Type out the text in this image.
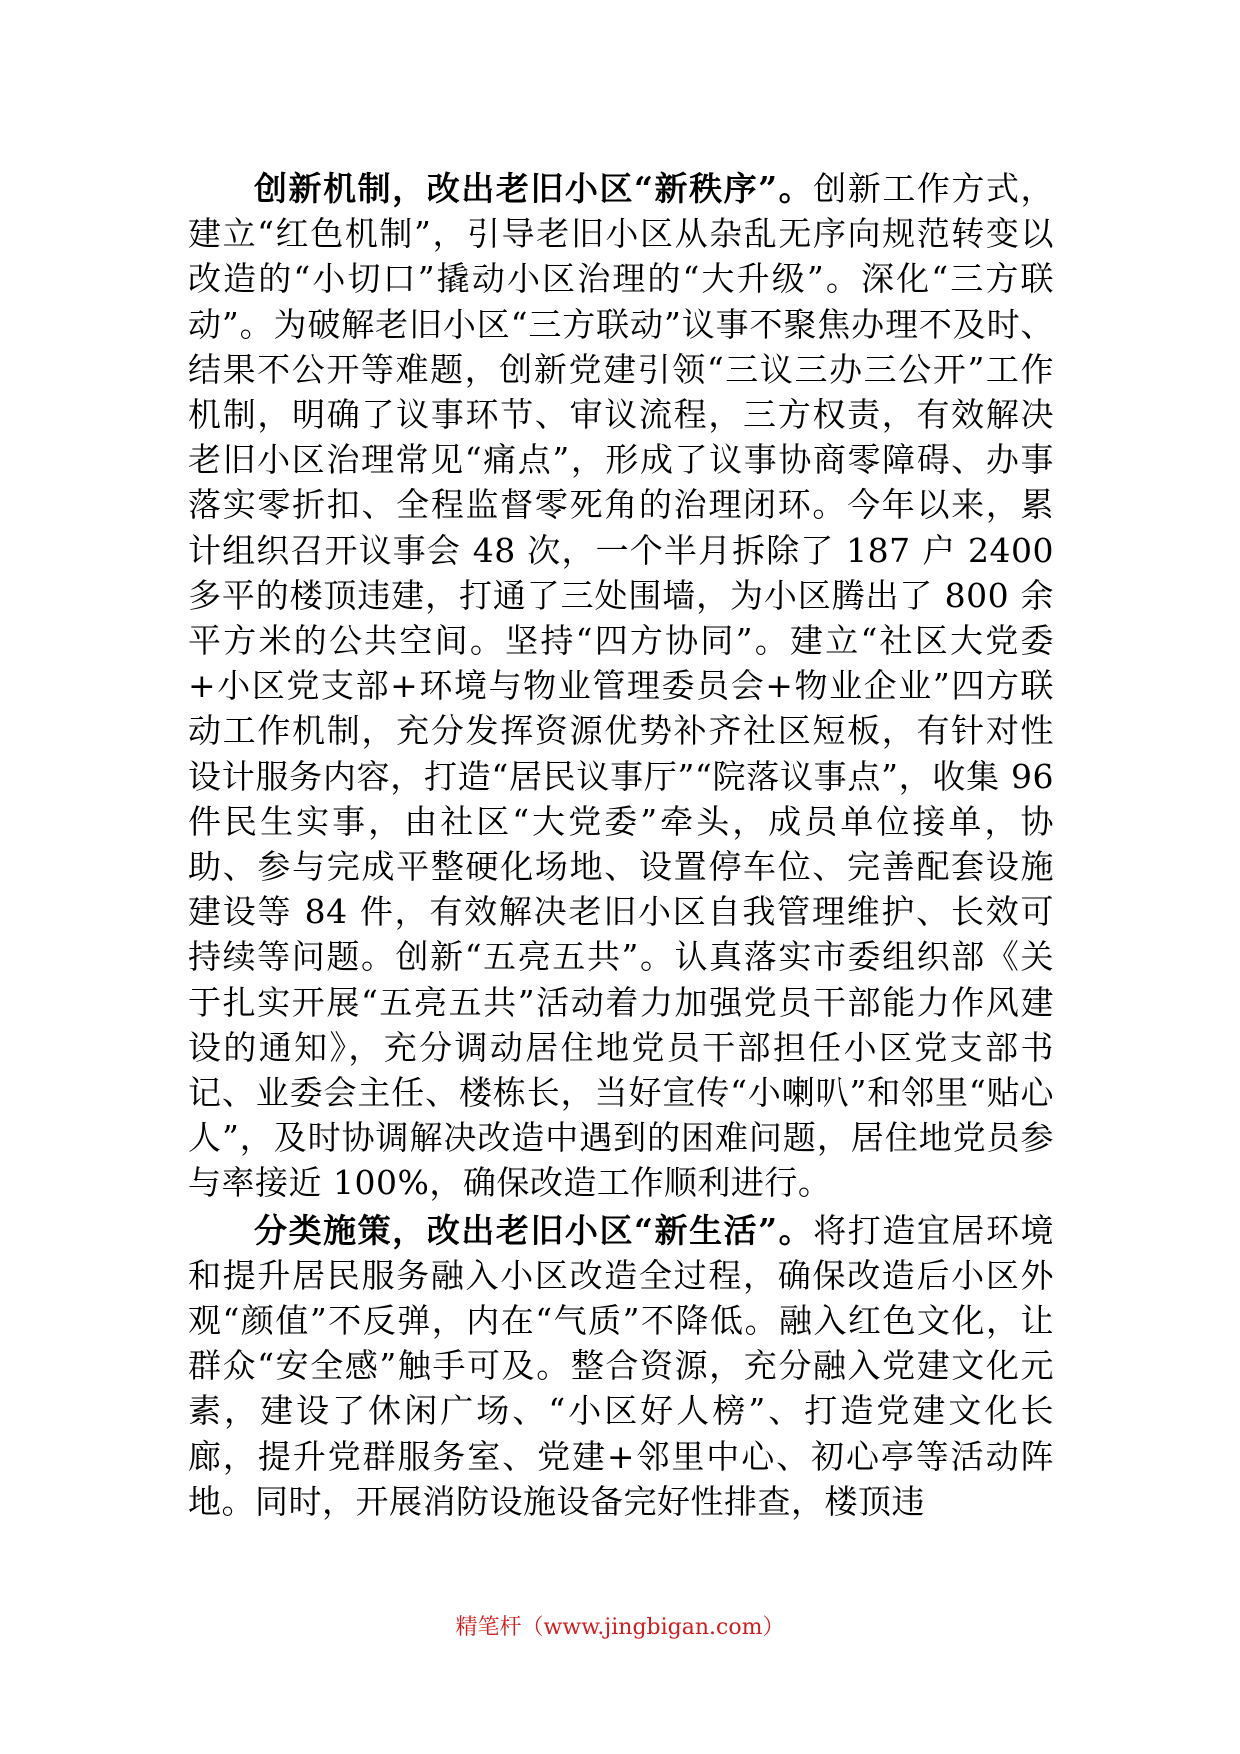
创新机制，改出老旧小区“新秩序”。创新工作方式，建立“红色机制”，引导老旧小区从杂乱无序向规范转变以改造的“小切口”撬动小区治理的“大升级”。深化“三方联动”。为破解老旧小区“三方联动”议事不聚焦办理不及时、结果不公开等难题，创新党建引领“三议三办三公开”工作机制，明确了议事环节、审议流程，三方权责，有效解决老旧小区治理常见“痛点”，形成了议事协商零障碍、办事落实零折扣、全程监督零死角的治理闭环。今年以来，累计组织召开议事会 48 次，一个半月拆除了 187 户 2400 多平的楼顶违建，打通了三处围墙，为小区腾出了 800 余平方米的公共空间。坚持“四方协同”。建立“社区大党委+小区党支部+环境与物业管理委员会+物业企业”四方联动工作机制，充分发挥资源优势补齐社区短板，有针对性设计服务内容，打造“居民议事厅”“院落议事点”，收集 96 件民生实事，由社区“大党委”牵头，成员单位接单，协助、参与完成平整硬化场地、设置停车位、完善配套设施建设等 84 件，有效解决老旧小区自我管理维护、长效可持续等问题。创新“五亮五共”。认真落实市委组织部《关于扎实开展“五亮五共”活动着力加强党员干部能力作风建设的通知》，充分调动居住地党员干部担任小区党支部书记、业委会主任、楼栋长，当好宣传“小喇叭”和邻里“贴心人”，及时协调解决改造中遇到的困难问题，居住地党员参与率接近 100%，确保改造工作顺利进行。

分类施策，改出老旧小区“新生活”。将打造宜居环境和提升居民服务融入小区改造全过程，确保改造后小区外观“颜值”不反弹，内在“气质”不降低。融入红色文化，让群众“安全感”触手可及。整合资源，充分融入党建文化元素，建设了休闲广场、“小区好人榜”、打造党建文化长廊，提升党群服务室、党建+邻里中心、初心亭等活动阵地。同时，开展消防设施设备完好性排查，楼顶违

精笔杆（www.jingbigan.com）
